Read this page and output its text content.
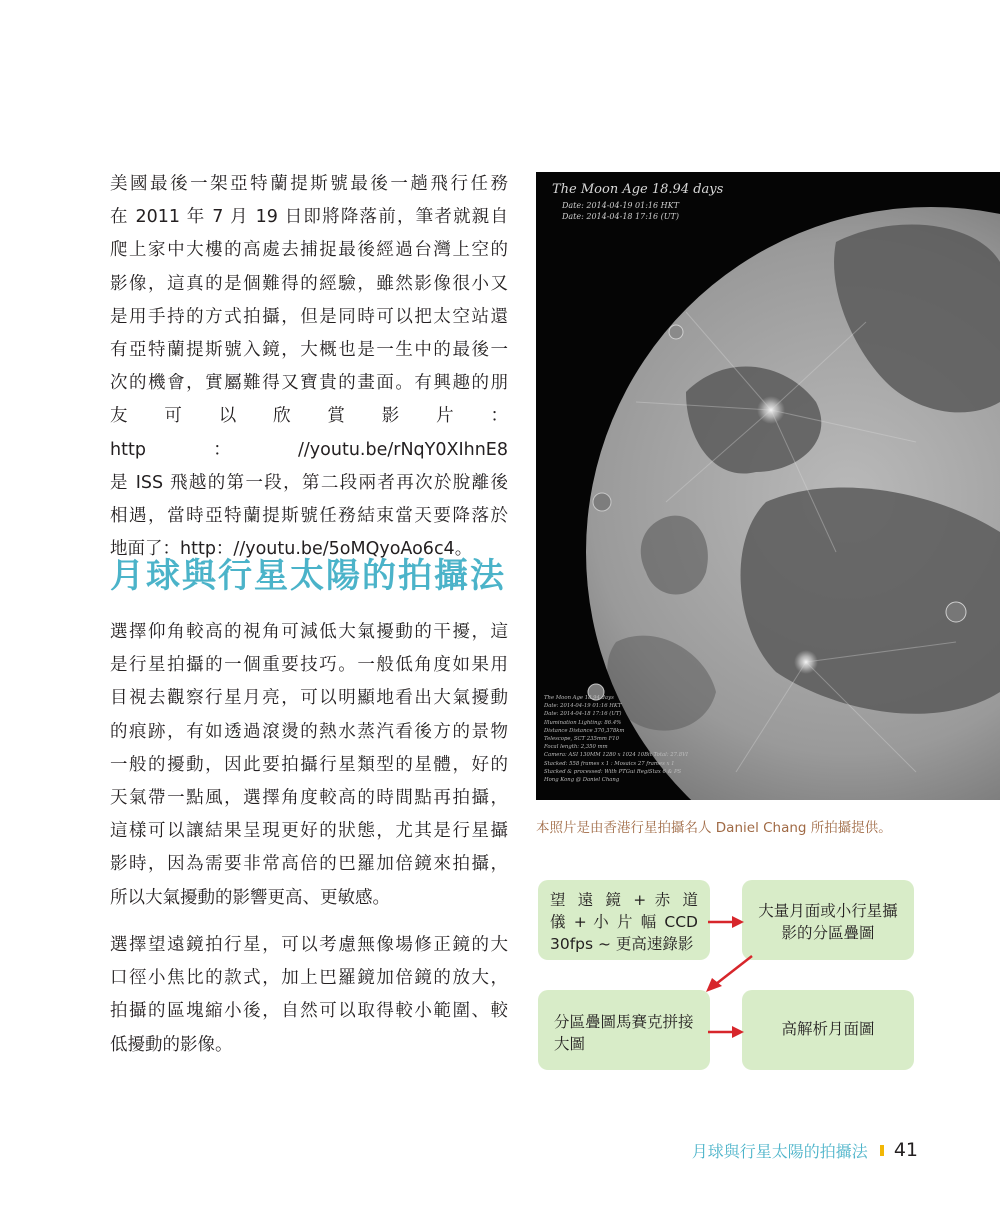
美國最後一架亞特蘭提斯號最後一趟飛行任務
在 2011 年 7 月 19 日即將降落前，筆者就親自
爬上家中大樓的高處去捕捉最後經過台灣上空的
影像，這真的是個難得的經驗，雖然影像很小又
是用手持的方式拍攝，但是同時可以把太空站還
有亞特蘭提斯號入鏡，大概也是一生中的最後一
次的機會，實屬難得又寶貴的畫面。有興趣的朋
友可以欣賞影片：http：//youtu.be/rNqY0XIhnE8
是 ISS 飛越的第一段，第二段兩者再次於脫離後
相遇，當時亞特蘭提斯號任務結束當天要降落於
地面了：http：//youtu.be/5oMQyoAo6c4。
月球與行星太陽的拍攝法
選擇仰角較高的視角可減低大氣擾動的干擾，這
是行星拍攝的一個重要技巧。一般低角度如果用
目視去觀察行星月亮，可以明顯地看出大氣擾動
的痕跡，有如透過滾燙的熱水蒸汽看後方的景物
一般的擾動，因此要拍攝行星類型的星體，好的
天氣帶一點風，選擇角度較高的時間點再拍攝，
這樣可以讓結果呈現更好的狀態，尤其是行星攝
影時，因為需要非常高倍的巴羅加倍鏡來拍攝，
所以大氣擾動的影響更高、更敏感。
選擇望遠鏡拍行星，可以考慮無像場修正鏡的大
口徑小焦比的款式，加上巴羅鏡加倍鏡的放大，
拍攝的區塊縮小後，自然可以取得較小範圍、較
低擾動的影像。

The Moon Age 18.94 days

Date: 2014-04-19 01:16 HKT
Date: 2014-04-18 17:16 (UT)
The Moon Age 18.94 days
Date: 2014-04-19 01:16 HKT
Date: 2014-04-18 17:16 (UT)
Illumination Lighting: 86.4%
Distance Distance 370,378km
Telescope, SCT 235mm F10
Focal length: 2,350 mm
Camera: ASI 130MM 1280 x 1024 10Bit Total: 27.8VI
Stacked: 558 frames x 1 : Mosaics 27 frames x 1
Stacked & processed: With PTGui RegiStax 6 & PS
Hong Kong @ Daniel Chang

本照片是由香港行星拍攝名人 Daniel Chang 所拍攝提供。

望 遠 鏡 + 赤 道
儀 + 小 片 幅 CCD
30fps ~ 更高速錄影
大量月面或小行星攝影的分區疊圖
分區疊圖馬賽克拼接大圖
高解析月面圖
月球與行星太陽的拍攝法 41
